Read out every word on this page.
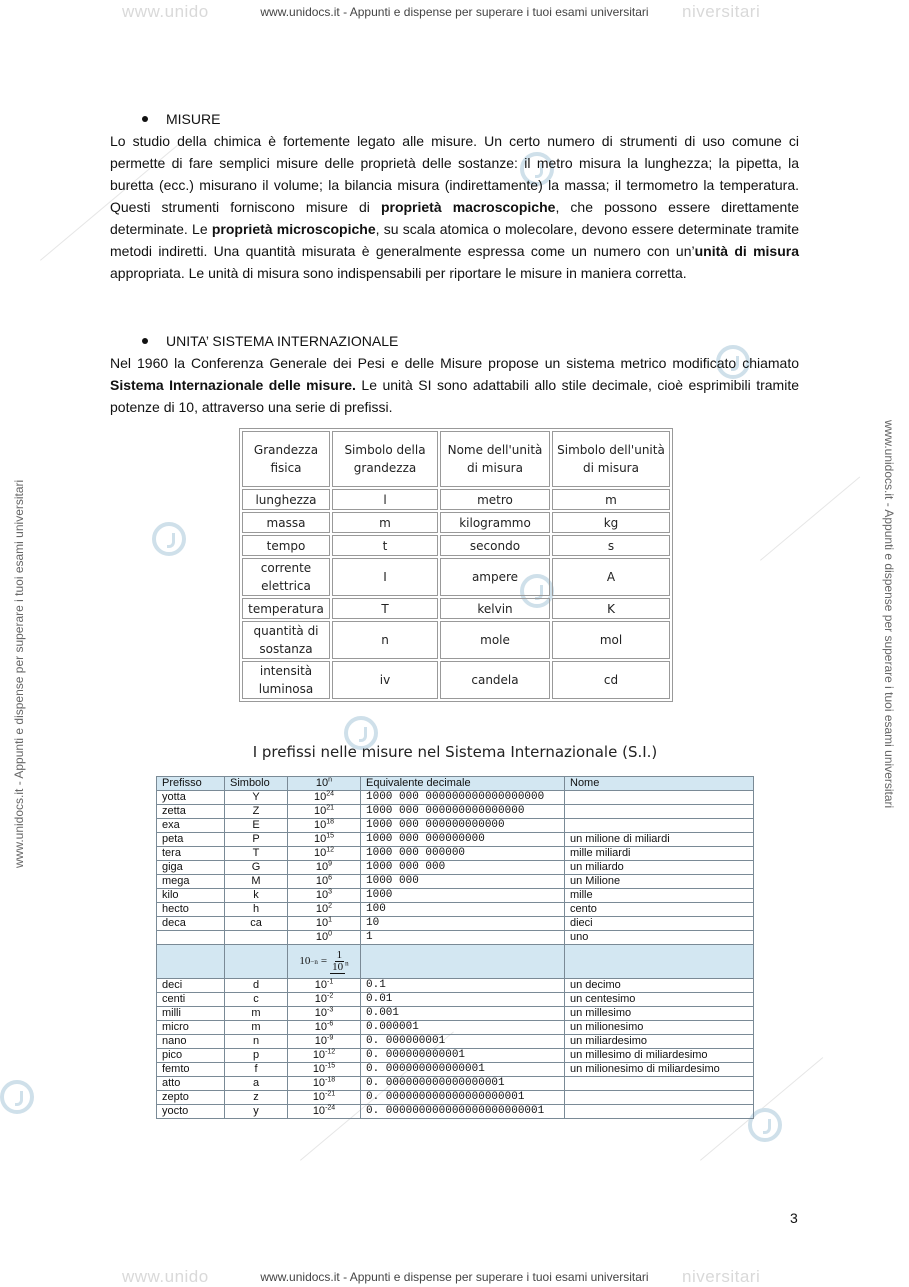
www.unido	www.unidocs.it - Appunti e dispense per superare i tuoi esami universitari niversitari
www.unido	www.unidocs.it - Appunti e dispense per superare i tuoi esami universitari niversitari
www.unidocs.it - Appunti e dispense per superare i tuoi esami universitari	www.unidocs.it - Appunti e dispense per superare i tuoi esami universitari
MISURE

Lo studio della chimica è fortemente legato alle misure. Un certo numero di strumenti di uso comune ci permette di fare semplici misure delle proprietà delle sostanze: il metro misura la lunghezza; la pipetta, la buretta (ecc.) misurano il volume; la bilancia misura (indirettamente) la massa; il termometro la temperatura. Questi strumenti forniscono misure di proprietà macroscopiche, che possono essere direttamente determinate. Le proprietà microscopiche, su scala atomica o molecolare, devono essere determinate tramite metodi indiretti. Una quantità misurata è generalmente espressa come un numero con un’unità di misura appropriata. Le unità di misura sono indispensabili per riportare le misure in maniera corretta.

UNITA’ SISTEMA INTERNAZIONALE

Nel 1960 la Conferenza Generale dei Pesi e delle Misure propose un sistema metrico modificato chiamato Sistema Internazionale delle misure. Le unità SI sono adattabili allo stile decimale, cioè esprimibili tramite potenze di 10, attraverso una serie di prefissi.

Grandezza fisica	Simbolo della grandezza	Nome dell'unità di misura	Simbolo dell'unità di misura
lunghezza	l	metro	m
massa	m	kilogrammo	kg
tempo	t	secondo	s
corrente elettrica	I	ampere	A
temperatura	T	kelvin	K
quantità di sostanza	n	mole	mol
intensità luminosa	iv	candela	cd
I prefissi nelle misure nel Sistema Internazionale (S.I.)
Prefisso	Simbolo	10$^n$	Equivalente decimale	Nome
yotta	Y	$10^{24}$	1000 000 000000000000000000	
zetta	Z	$10^{21}$	1000 000 000000000000000	
exa	E	$10^{18}$	1000 000 000000000000	
peta	P	$10^{15}$	1000 000 000000000	un milione di miliardi
tera	T	$10^{12}$	1000 000 000000	mille miliardi
giga	G	$10^9$	1000 000 000	un miliardo
mega	M	$10^6$	1000 000	un Milione
kilo	k	$10^3$	1000	mille
hecto	h	$10^2$	100	cento
deca	ca	$10^1$	10	dieci
		$10^0$	1	uno

		$10 -n = \frac{1}{10 ^n}$

deci	d	$10^{-1}$	0.1	un decimo
centi	c	$10^{-2}$	0.01	un centesimo
milli	m	$10^{-3}$	0.001	un millesimo
micro	m	$10^{-6}$	0.000001	un milionesimo
nano	n	$10^{-9}$	0. 000000001	un miliardesimo
pico	p	$10^{-12}$	0. 000000000001	un millesimo di miliardesimo
femto	f	$10^{-15}$	0. 000000000000001	un milionesimo di miliardesimo
atto	a	$10^{-18}$	0. 000000000000000001	
zepto	z	$10^{-21}$	0. 000000000000000000001	
yocto	y	$10^{-24}$	0. 000000000000000000000001	
3
